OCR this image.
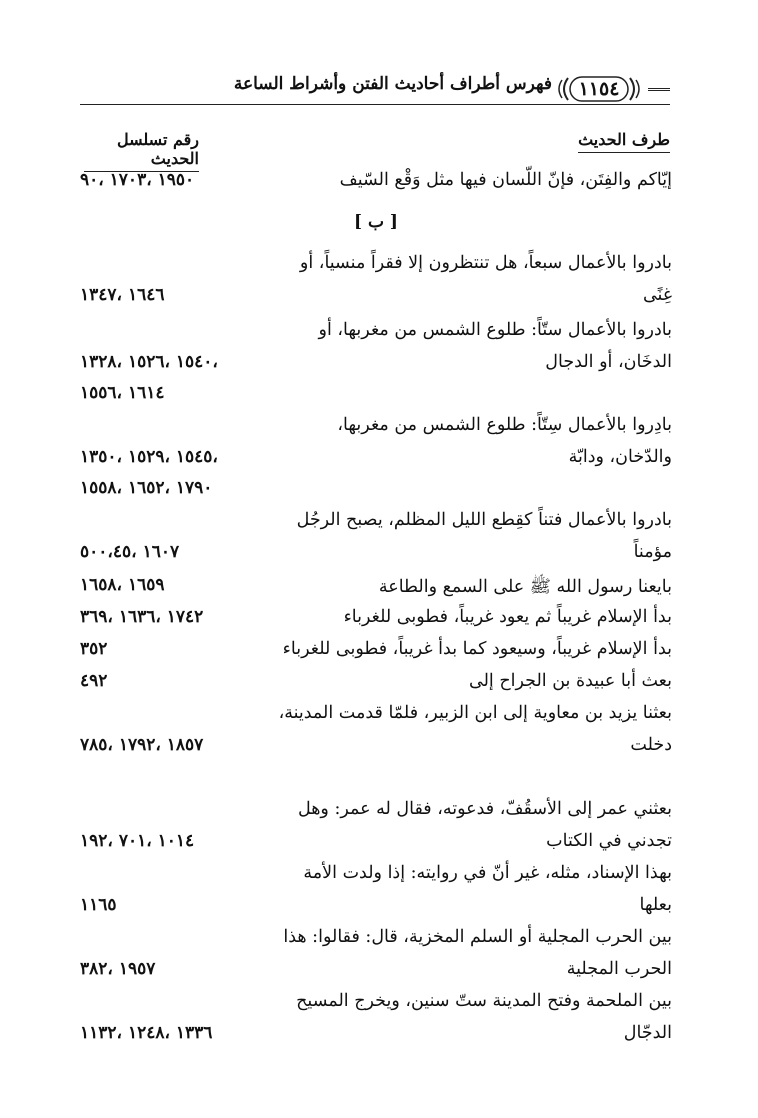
فهرس أطراف أحاديث الفتن وأشراط الساعة	١١٥٤
رقم تسلسل الحديث
طرف الحديث
[ ب ]
إيّاكم والفِتَن، فإنّ اللّسان فيها مثل وَقْع السّيف
١٩٥٠ ،١٧٠٣ ،٩٠
بادروا بالأعمال سبعاً، هل تنتظرون إلا فقراً منسياً، أو
غِنًى
١٦٤٦ ،١٣٤٧
بادروا بالأعمال ستّاً: طلوع الشمس من مغربها، أو
الدخَان، أو الدجال
١٥٤٠ ،١٥٢٦ ،١٣٢٨،
١٦١٤ ،١٥٥٦
بادِروا بالأعمال سِتّاً: طلوع الشمس من مغربها،
والدّخان، ودابّة
١٥٤٥ ،١٥٢٩ ،١٣٥٠،
١٧٩٠ ،١٦٥٢ ،١٥٥٨
بادروا بالأعمال فتناً كقِطع الليل المظلم، يصبح الرجُل
مؤمناً
١٦٠٧ ،٥٠٠،٤٥
بايعنا رسول الله ﷺ على السمع والطاعة
١٦٥٩ ،١٦٥٨
بدأ الإسلام غريباً ثم يعود غريباً، فطوبى للغرباء
١٧٤٢ ،١٦٣٦ ،٣٦٩
بدأ الإسلام غريباً، وسيعود كما بدأ غريباً، فطوبى للغرباء
٣٥٢
بعث أبا عبيدة بن الجراح إلى
٤٩٢
بعثنا يزيد بن معاوية إلى ابن الزبير، فلمّا قدمت المدينة،
دخلت
١٨٥٧ ،١٧٩٢ ،٧٨٥
بعثني عمر إلى الأسقُفّ، فدعوته، فقال له عمر: وهل
تجدني في الكتاب
١٠١٤ ،٧٠١ ،١٩٢
بهذا الإسناد، مثله، غير أنّ في روايته: إذا ولدت الأمة
بعلها
١١٦٥
بين الحرب المجلية أو السلم المخزية، قال: فقالوا: هذا
الحرب المجلية
١٩٥٧ ،٣٨٢
بين الملحمة وفتح المدينة ستّ سنين، ويخرج المسيح
الدجّال
١٣٣٦ ،١٢٤٨ ،١١٣٢
